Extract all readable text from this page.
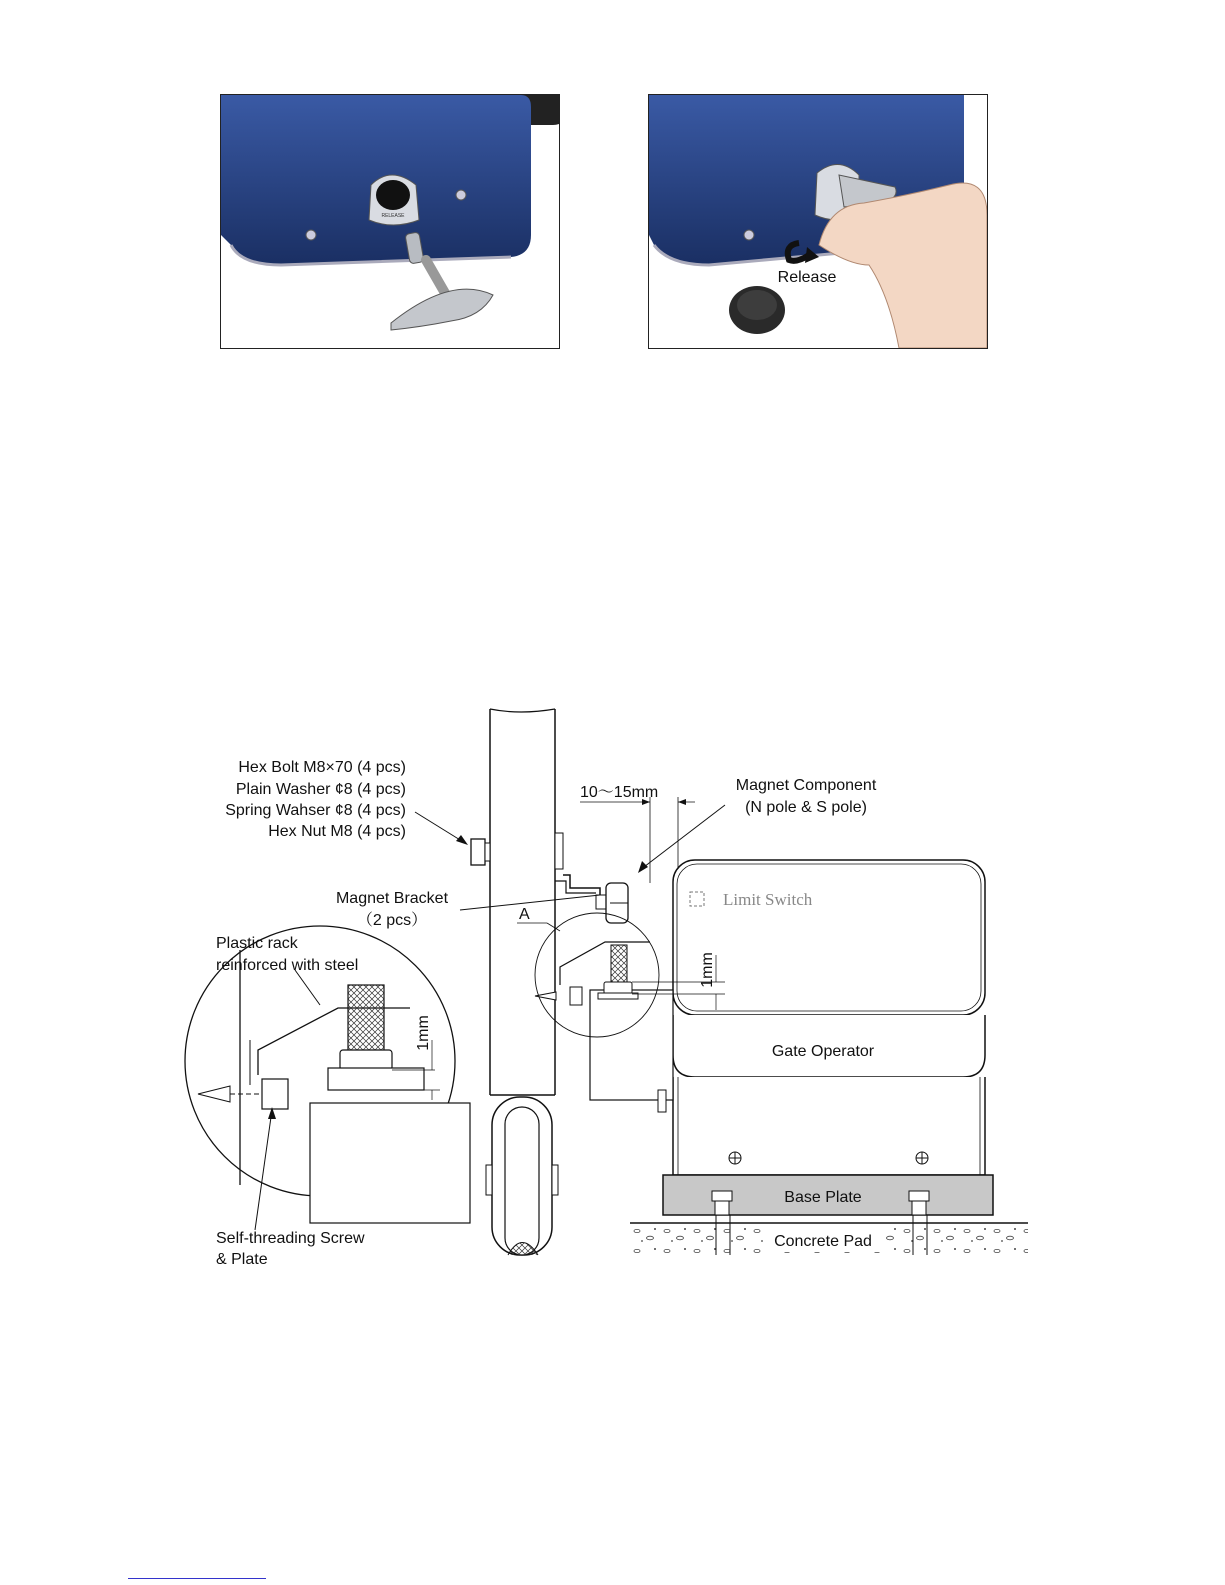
RELEASE
Release
10～15mm
Limit Switch
Gate Operator
A
1mm
Base Plate
Concrete Pad
1mm
Hex Bolt M8×70 (4 pcs)
Plain Washer ¢8 (4 pcs)
Spring Wahser ¢8 (4 pcs)
Hex Nut M8 (4 pcs)
Magnet Component
(N pole & S pole)
Magnet Bracket
（2 pcs）
Plastic rack
reinforced with steel
Self-threading Screw
& Plate
